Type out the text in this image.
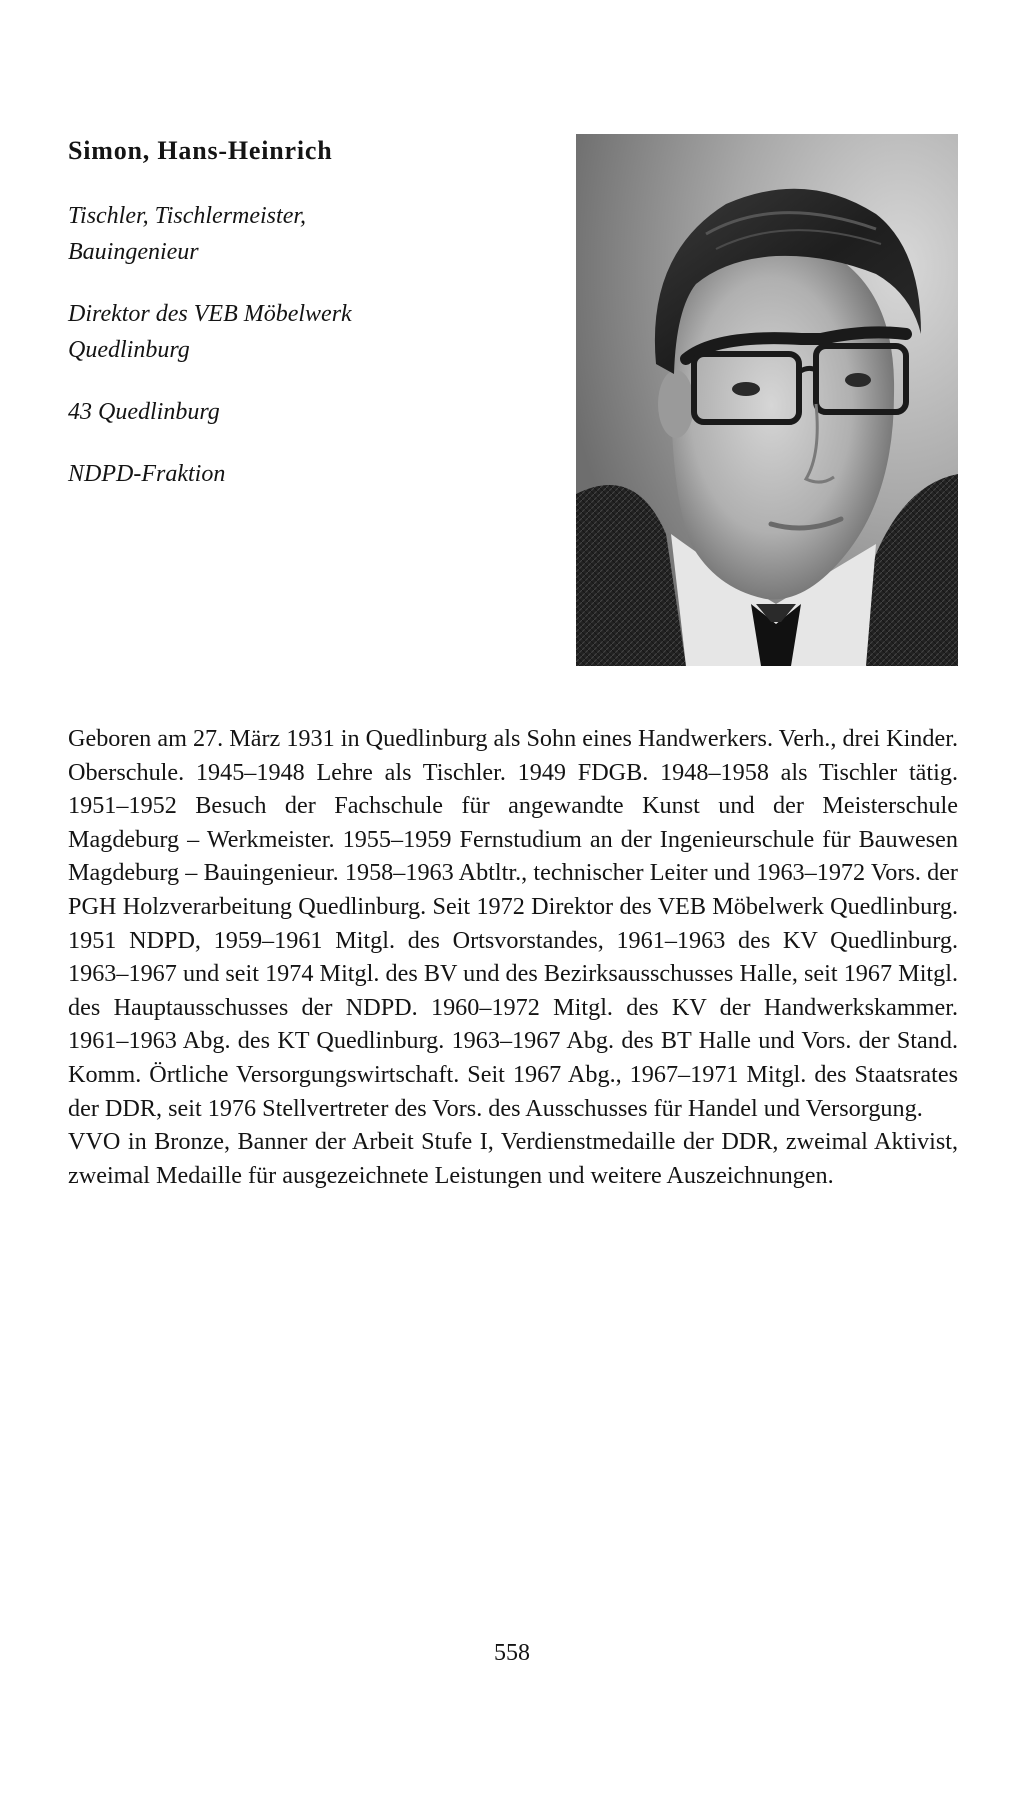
Simon, Hans-Heinrich
Tischler, Tischlermeister,
Bauingenieur
Direktor des VEB Möbelwerk
Quedlinburg
43 Quedlinburg
NDPD-Fraktion

Geboren am 27. März 1931 in Quedlinburg als Sohn eines Handwerkers. Verh., drei Kinder. Oberschule. 1945–1948 Lehre als Tischler. 1949 FDGB. 1948–1958 als Tischler tätig. 1951–1952 Besuch der Fachschule für angewandte Kunst und der Meisterschule Magdeburg – Werkmeister. 1955–1959 Fernstudium an der Ingenieurschule für Bauwesen Magdeburg – Bauingenieur. 1958–1963 Abtltr., technischer Leiter und 1963–1972 Vors. der PGH Holzverarbeitung Quedlinburg. Seit 1972 Direktor des VEB Möbelwerk Quedlinburg. 1951 NDPD, 1959–1961 Mitgl. des Ortsvorstandes, 1961–1963 des KV Quedlinburg. 1963–1967 und seit 1974 Mitgl. des BV und des Bezirksausschusses Halle, seit 1967 Mitgl. des Hauptausschusses der NDPD. 1960–1972 Mitgl. des KV der Handwerkskammer. 1961–1963 Abg. des KT Quedlinburg. 1963–1967 Abg. des BT Halle und Vors. der Stand. Komm. Örtliche Versorgungswirtschaft. Seit 1967 Abg., 1967–1971 Mitgl. des Staatsrates der DDR, seit 1976 Stellvertreter des Vors. des Ausschusses für Handel und Versorgung.

VVO in Bronze, Banner der Arbeit Stufe I, Verdienstmedaille der DDR, zweimal Aktivist, zweimal Medaille für ausgezeichnete Leistungen und weitere Auszeichnungen.

558
